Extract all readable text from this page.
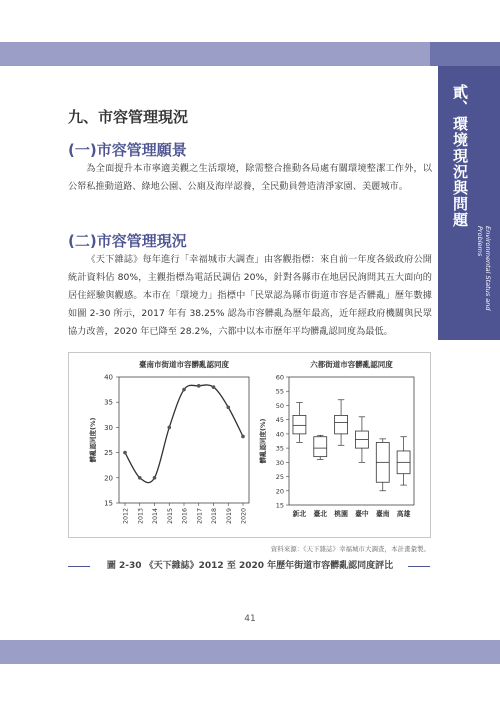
貳、環境現況與問題
Environmental Status and Problems
九、市容管理現況
(一)市容管理願景
為全面提升本市寧適美觀之生活環境，除需整合推動各局處有關環境整潔工作外，以公帑私推動道路、綠地公園、公廁及海岸認養，全民動員營造清淨家園、美麗城市。
(二)市容管理現況
《天下雜誌》每年進行「幸福城市大調查」由客觀指標：來自前一年度各級政府公開統計資料佔 80%，主觀指標為電話民調佔 20%，針對各縣市在地居民詢問其五大面向的居住經驗與觀感。本市在「環境力」指標中「民眾認為縣市街道市容是否髒亂」歷年數據如圖 2-30 所示，2017 年有 38.25% 認為市容髒亂為歷年最高，近年經政府機關與民眾協力改善，2020 年已降至 28.2%，六都中以本市歷年平均髒亂認同度為最低。
臺南市街道市容髒亂認同度
15
20
25
30
35
40
2012 2013 2014 2015 2016 2017 2018 2019 2020
髒亂認同度(%)
六都街道市容髒亂認同度
15
20
25
30
35
40
45
50
55
60
髒亂認同度(%)
新北 臺北 桃園 臺中 臺南 高雄
資料來源：《天下雜誌》幸福城市大調查，本計畫彙製。
圖 2-30 《天下雜誌》2012 至 2020 年歷年街道市容髒亂認同度評比
41
